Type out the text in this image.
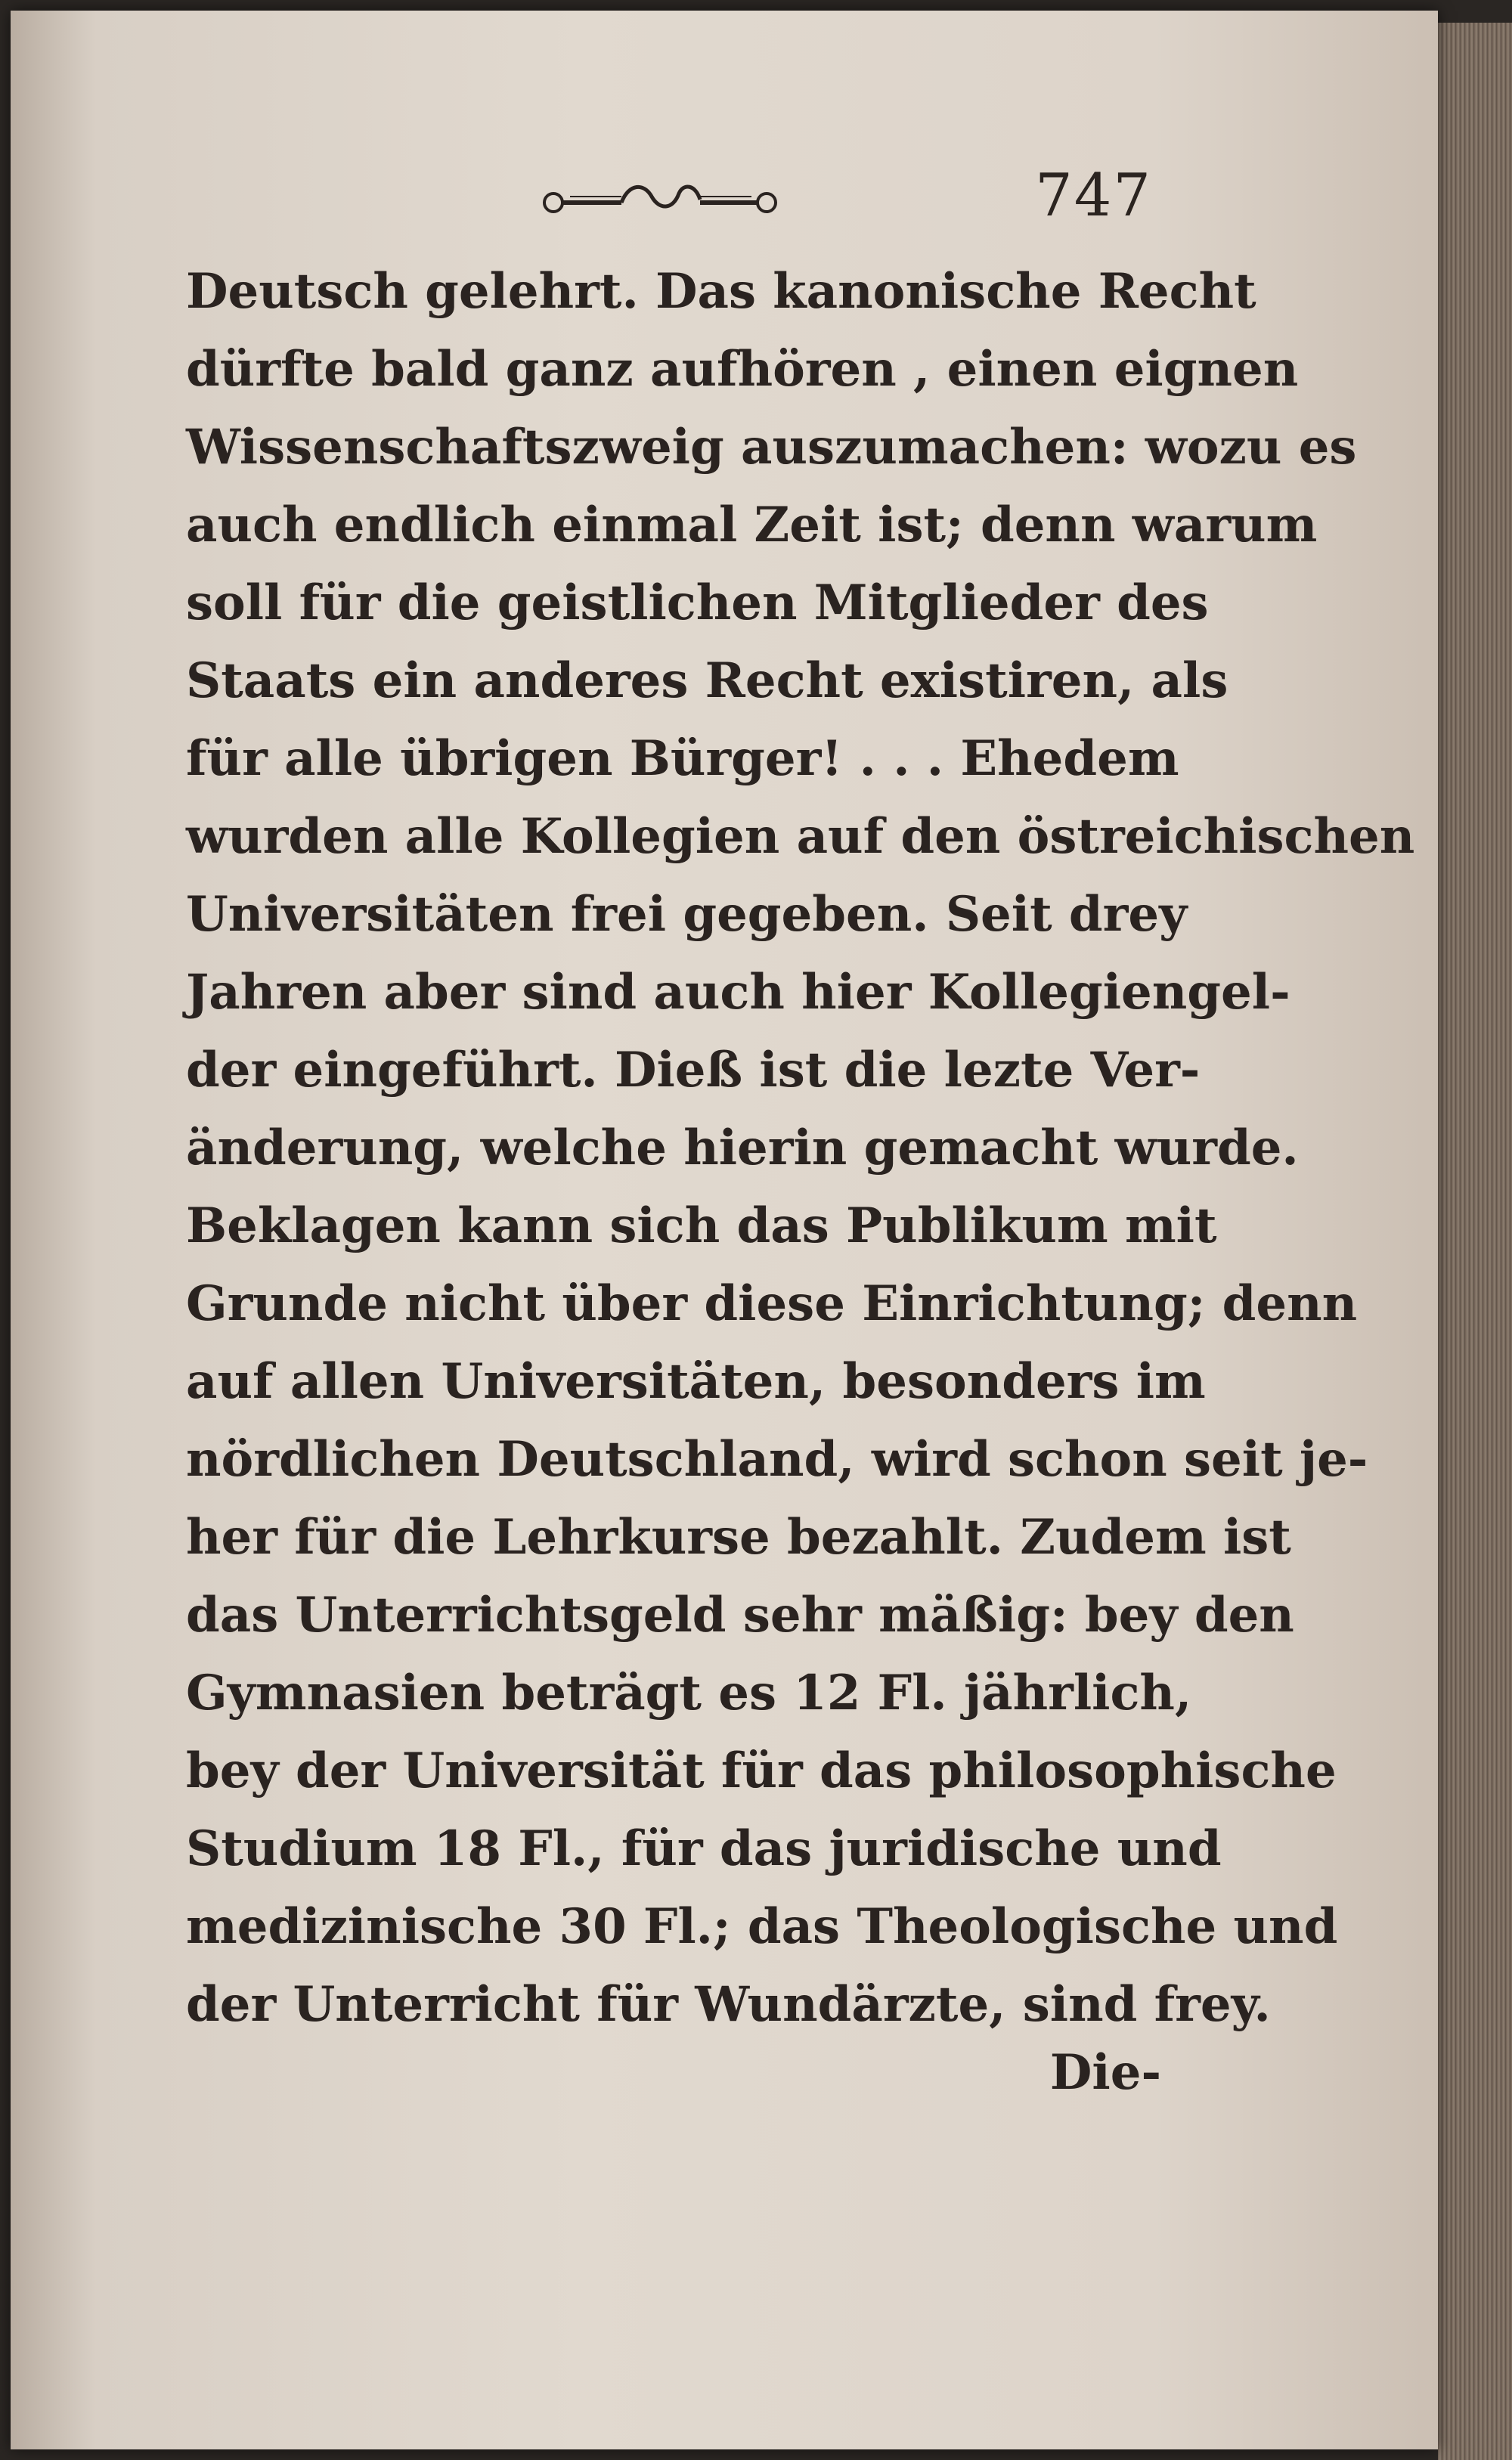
747
Deutsch gelehrt. Das kanonische Recht
dürfte bald ganz aufhören , einen eignen
Wissenschaftszweig auszumachen: wozu es
auch endlich einmal Zeit ist; denn warum
soll für die geistlichen Mitglieder des
Staats ein anderes Recht existiren, als
für alle übrigen Bürger! . . . Ehedem
wurden alle Kollegien auf den östreichischen
Universitäten frei gegeben. Seit drey
Jahren aber sind auch hier Kollegiengel-
der eingeführt. Dieß ist die lezte Ver-
änderung, welche hierin gemacht wurde.
Beklagen kann sich das Publikum mit
Grunde nicht über diese Einrichtung; denn
auf allen Universitäten, besonders im
nördlichen Deutschland, wird schon seit je-
her für die Lehrkurse bezahlt. Zudem ist
das Unterrichtsgeld sehr mäßig: bey den
Gymnasien beträgt es 12 Fl. jährlich,
bey der Universität für das philosophische
Studium 18 Fl., für das juridische und
medizinische 30 Fl.; das Theologische und
der Unterricht für Wundärzte, sind frey.
Die-
